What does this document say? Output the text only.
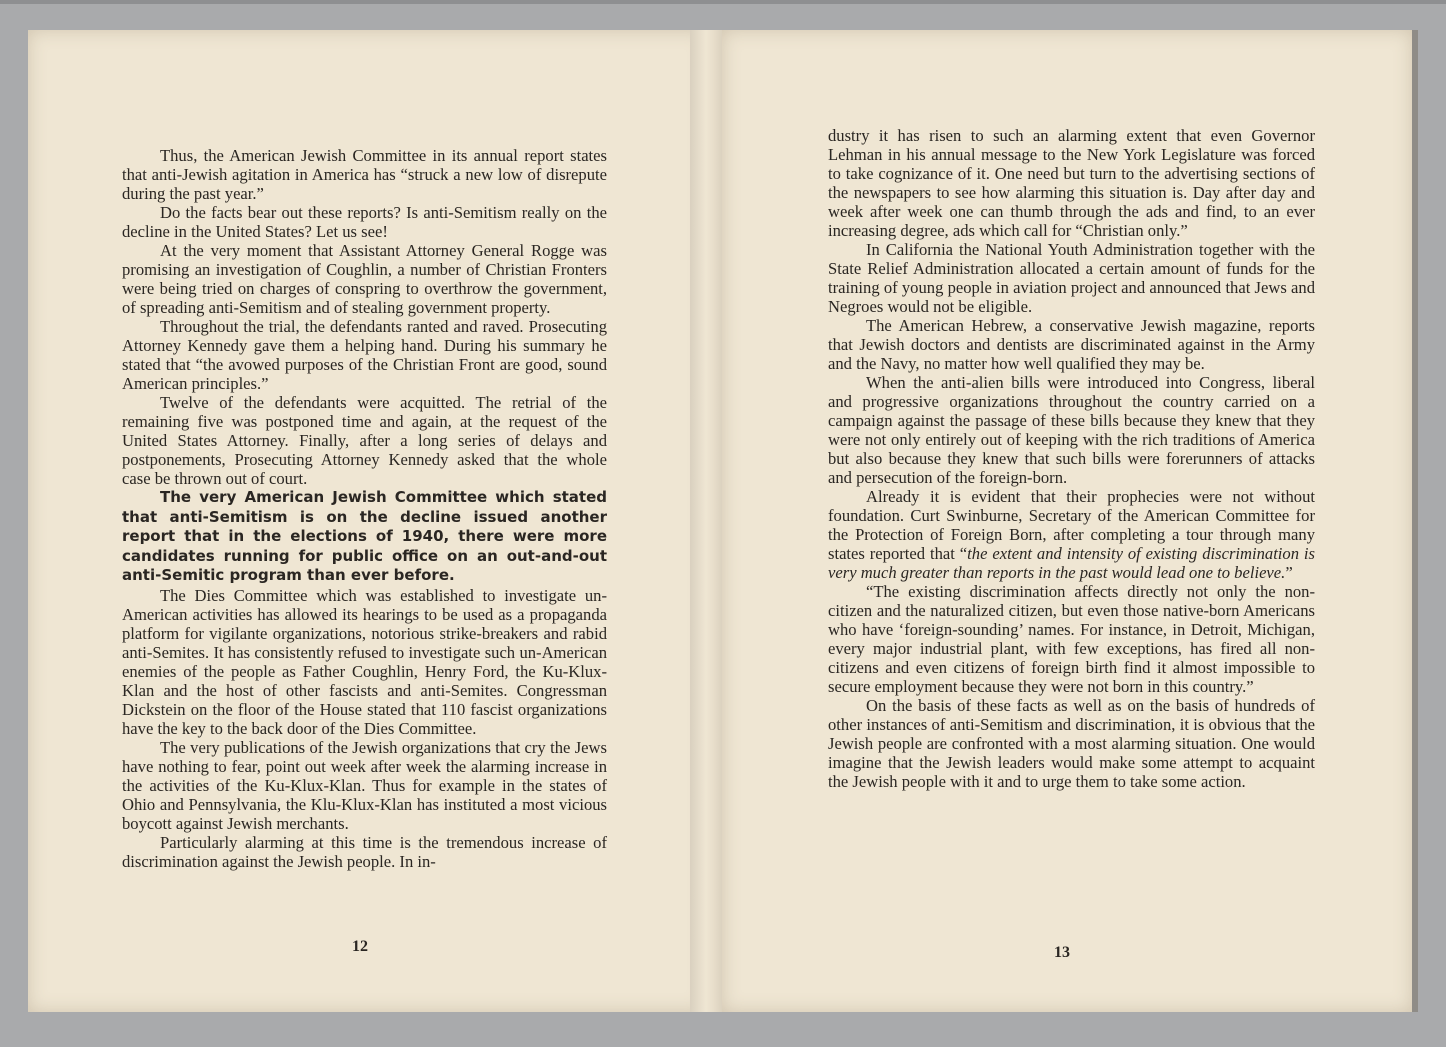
Thus, the American Jewish Committee in its annual report states that anti-Jewish agitation in America has “struck a new low of disrepute during the past year.”

Do the facts bear out these reports? Is anti-Semitism really on the decline in the United States? Let us see!

At the very moment that Assistant Attorney General Rogge was promising an investigation of Coughlin, a number of Christian Fronters were being tried on charges of conspring to overthrow the government, of spreading anti-Semitism and of stealing government property.

Throughout the trial, the defendants ranted and raved. Prosecuting Attorney Kennedy gave them a helping hand. During his summary he stated that “the avowed purposes of the Christian Front are good, sound American principles.”

Twelve of the defendants were acquitted. The retrial of the remaining five was postponed time and again, at the request of the United States Attorney. Finally, after a long series of delays and postponements, Prosecuting Attorney Kennedy asked that the whole case be thrown out of court.

The very American Jewish Committee which stated that anti-Semitism is on the decline issued another report that in the elections of 1940, there were more candidates running for public office on an out-and-out anti-Semitic program than ever before.

The Dies Committee which was established to investigate un-American activities has allowed its hearings to be used as a propaganda platform for vigilante organizations, notorious strike-breakers and rabid anti-Semites. It has consistently refused to investigate such un-American enemies of the people as Father Coughlin, Henry Ford, the Ku-Klux-Klan and the host of other fascists and anti-Semites. Congressman Dickstein on the floor of the House stated that 110 fascist organizations have the key to the back door of the Dies Committee.

The very publications of the Jewish organizations that cry the Jews have nothing to fear, point out week after week the alarming increase in the activities of the Ku-Klux-Klan. Thus for example in the states of Ohio and Pennsylvania, the Klu-Klux-Klan has instituted a most vicious boycott against Jewish merchants.

Particularly alarming at this time is the tremendous increase of discrimination against the Jewish people. In in-

12

dustry it has risen to such an alarming extent that even Governor Lehman in his annual message to the New York Legislature was forced to take cognizance of it. One need but turn to the advertising sections of the newspapers to see how alarming this situation is. Day after day and week after week one can thumb through the ads and find, to an ever increasing degree, ads which call for “Christian only.”

In California the National Youth Administration together with the State Relief Administration allocated a certain amount of funds for the training of young people in aviation project and announced that Jews and Negroes would not be eligible.

The American Hebrew, a conservative Jewish magazine, reports that Jewish doctors and dentists are discriminated against in the Army and the Navy, no matter how well qualified they may be.

When the anti-alien bills were introduced into Congress, liberal and progressive organizations throughout the country carried on a campaign against the passage of these bills because they knew that they were not only entirely out of keeping with the rich traditions of America but also because they knew that such bills were forerunners of attacks and persecution of the foreign-born.

Already it is evident that their prophecies were not without foundation. Curt Swinburne, Secretary of the American Committee for the Protection of Foreign Born, after completing a tour through many states reported that “the extent and intensity of existing discrimination is very much greater than reports in the past would lead one to believe.”

“The existing discrimination affects directly not only the non-citizen and the naturalized citizen, but even those native-born Americans who have ‘foreign-sounding’ names. For instance, in Detroit, Michigan, every major industrial plant, with few exceptions, has fired all non-citizens and even citizens of foreign birth find it almost impossible to secure employment because they were not born in this country.”

On the basis of these facts as well as on the basis of hundreds of other instances of anti-Semitism and discrimination, it is obvious that the Jewish people are confronted with a most alarming situation. One would imagine that the Jewish leaders would make some attempt to acquaint the Jewish people with it and to urge them to take some action.

13
